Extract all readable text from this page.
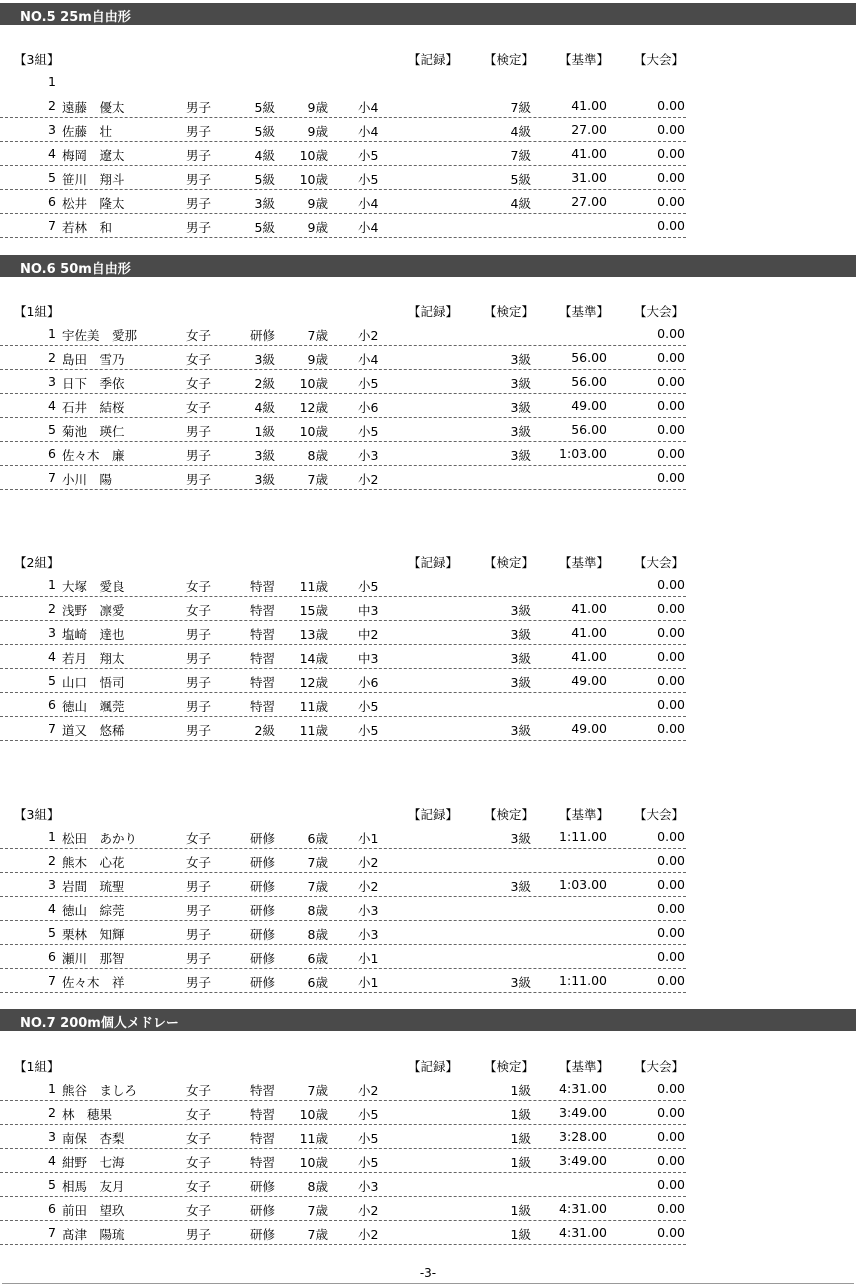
NO.5 25m自由形
NO.6 50m自由形
NO.7 200m個人メドレー
【3組】	【記録】 【検定】 【基準】 【大会】
1
2 遠藤　優太	男子	5級	9歳 小4	7級	41.00	0.00
3 佐藤　壮	男子	5級	9歳 小4	4級	27.00	0.00
4 梅岡　遼太	男子	4級	10歳 小5	7級	41.00	0.00
5 笹川　翔斗	男子	5級	10歳 小5	5級	31.00	0.00
6 松井　隆太	男子	3級	9歳 小4	4級	27.00	0.00
7 若林　和	男子	5級	9歳 小4	0.00
【1組】	【記録】 【検定】 【基準】 【大会】
1 宇佐美　愛那	女子	研修	7歳 小2	0.00
2 島田　雪乃	女子	3級	9歳 小4	3級	56.00	0.00
3 日下　季依	女子	2級	10歳 小5	3級	56.00	0.00
4 石井　結桜	女子	4級	12歳 小6	3級	49.00	0.00
5 菊池　瑛仁	男子	1級	10歳 小5	3級	56.00	0.00
6 佐々木　廉	男子	3級	8歳 小3	3級	1:03.00	0.00
7 小川　陽	男子	3級	7歳 小2	0.00
【2組】	【記録】 【検定】 【基準】 【大会】
1 大塚　愛良	女子	特習	11歳 小5	0.00
2 浅野　凛愛	女子	特習	15歳 中3	3級	41.00	0.00
3 塩崎　達也	男子	特習	13歳 中2	3級	41.00	0.00
4 若月　翔太	男子	特習	14歳 中3	3級	41.00	0.00
5 山口　悟司	男子	特習	12歳 小6	3級	49.00	0.00
6 徳山　颯莞	男子	特習	11歳 小5	0.00
7 道又　悠稀	男子	2級	11歳 小5	3級	49.00	0.00
【3組】	【記録】 【検定】 【基準】 【大会】
1 松田　あかり	女子	研修	6歳 小1	3級	1:11.00	0.00
2 熊木　心花	女子	研修	7歳 小2	0.00
3 岩間　琉聖	男子	研修	7歳 小2	3級	1:03.00	0.00
4 徳山　綜莞	男子	研修	8歳 小3	0.00
5 栗林　知輝	男子	研修	8歳 小3	0.00
6 瀬川　那智	男子	研修	6歳 小1	0.00
7 佐々木　祥	男子	研修	6歳 小1	3級	1:11.00	0.00
【1組】	【記録】 【検定】 【基準】 【大会】
1 熊谷　ましろ	女子	特習	7歳 小2	1級	4:31.00	0.00
2 林　穂果	女子	特習	10歳 小5	1級	3:49.00	0.00
3 南保　杏梨	女子	特習	11歳 小5	1級	3:28.00	0.00
4 紺野　七海	女子	特習	10歳 小5	1級	3:49.00	0.00
5 相馬　友月	女子	研修	8歳 小3	0.00
6 前田　望玖	女子	研修	7歳 小2	1級	4:31.00	0.00
7 髙津　陽琉	男子	研修	7歳 小2	1級	4:31.00	0.00
-3-
